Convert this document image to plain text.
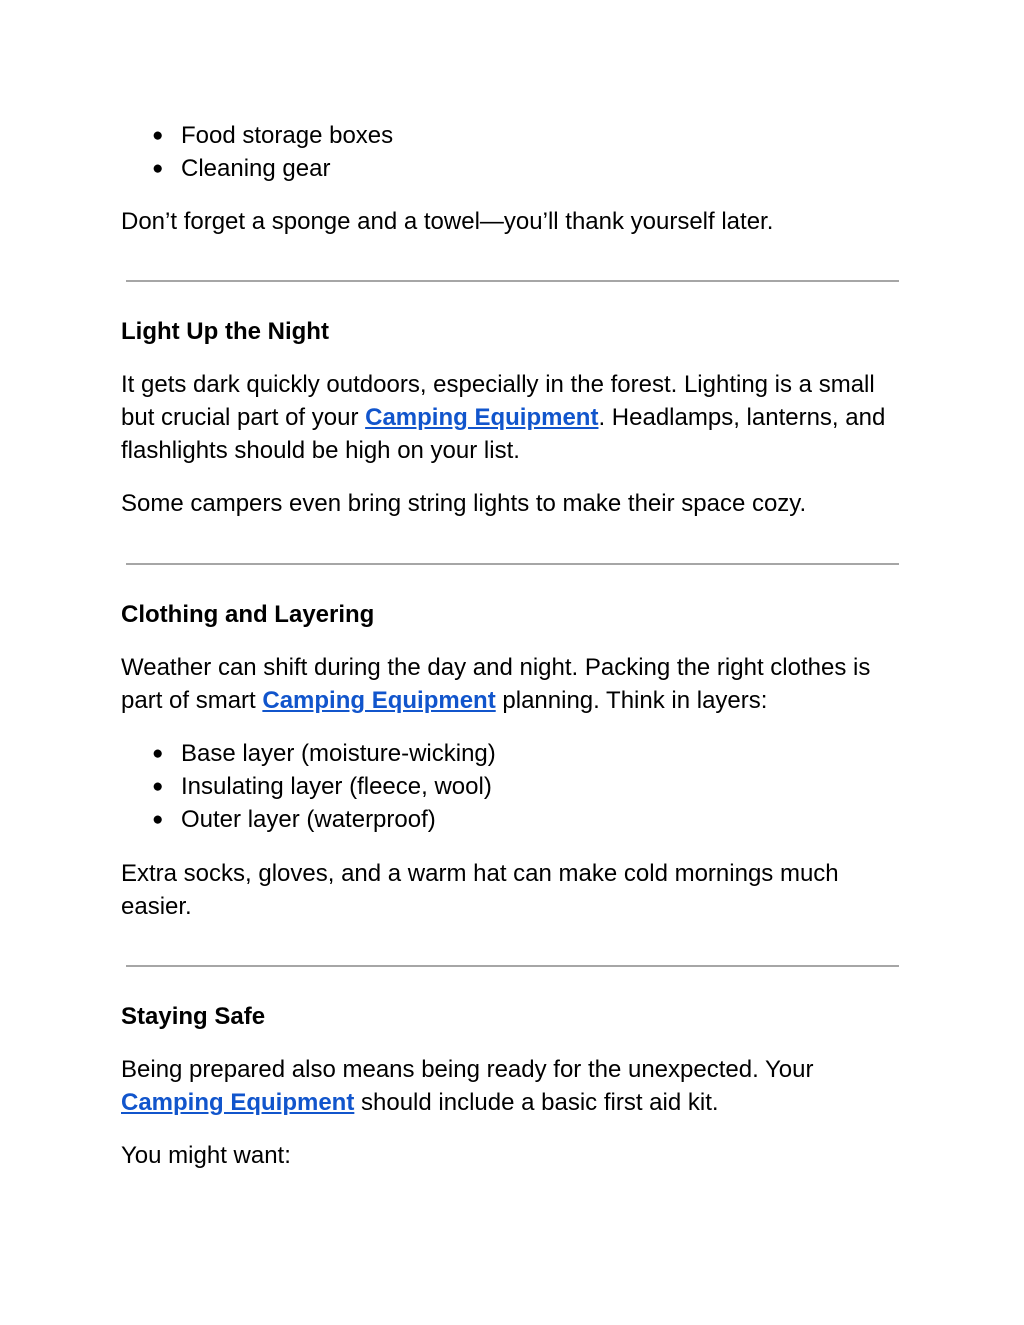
● Food storage boxes
● Cleaning gear

Don’t forget a sponge and a towel—you’ll thank yourself later.

Light Up the Night

It gets dark quickly outdoors, especially in the forest. Lighting is a small but crucial part of your Camping Equipment. Headlamps, lanterns, and flashlights should be high on your list.

Some campers even bring string lights to make their space cozy.

Clothing and Layering

Weather can shift during the day and night. Packing the right clothes is part of smart Camping Equipment planning. Think in layers:

● Base layer (moisture-wicking)
● Insulating layer (fleece, wool)
● Outer layer (waterproof)

Extra socks, gloves, and a warm hat can make cold mornings much easier.

Staying Safe

Being prepared also means being ready for the unexpected. Your Camping Equipment should include a basic first aid kit.

You might want:
